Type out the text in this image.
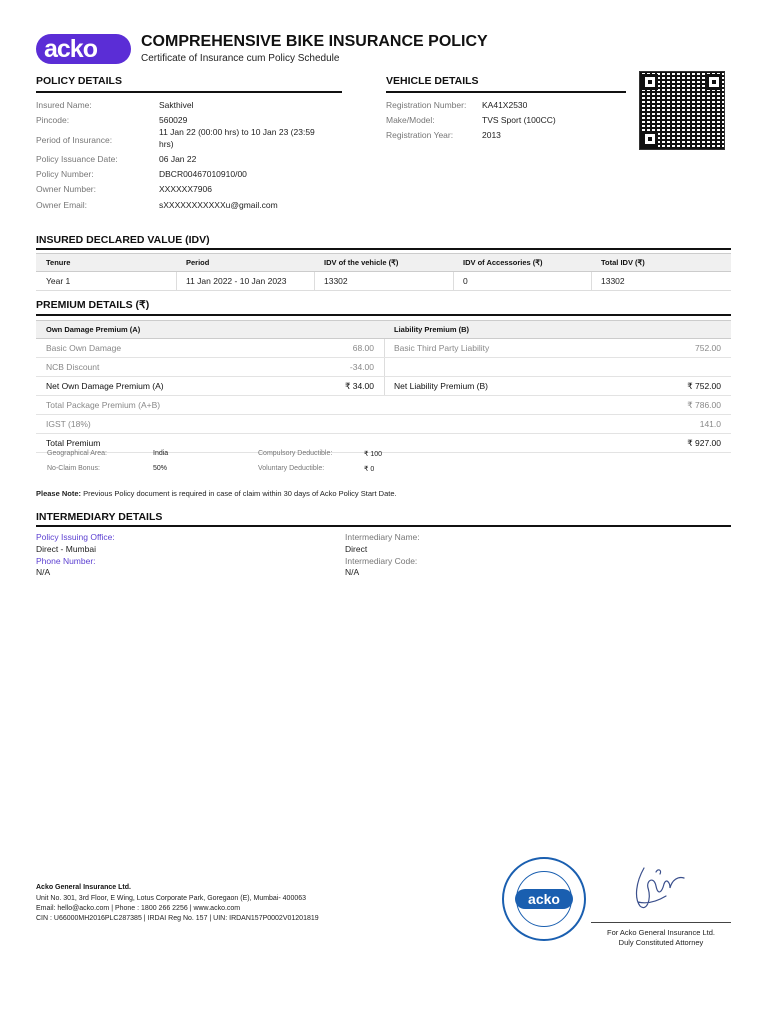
acko	COMPREHENSIVE BIKE INSURANCE POLICY
Certificate of Insurance cum Policy Schedule
POLICY DETAILS
Insured Name:	Sakthivel
Pincode:	560029
Period of Insurance:
11 Jan 22 (00:00 hrs) to 10 Jan 23 (23:59
hrs)
Policy Issuance Date:	06 Jan 22
Policy Number:	DBCR00467010910/00
Owner Number:	XXXXXX7906
Owner Email:	sXXXXXXXXXXXu@gmail.com
VEHICLE DETAILS
Registration Number: KA41X2530
Make/Model:	TVS Sport (100CC)
Registration Year:	2013
INSURED DECLARED VALUE (IDV)
Tenure	Period	IDV of the vehicle (₹)	IDV of Accessories (₹)	Total IDV (₹)
Year 1	11 Jan 2022 - 10 Jan 2023	13302	0	13302
PREMIUM DETAILS (₹)
Own Damage Premium (A)	Liability Premium (B)
Basic Own Damage	68.00 Basic Third Party Liability	752.00
NCB Discount	-34.00
Net Own Damage Premium (A)	₹ 34.00 Net Liability Premium (B)	₹ 752.00
Total Package Premium (A+B)	₹ 786.00
IGST (18%)	141.0
Total Premium	₹ 927.00
Geographical Area:	India	Compulsory Deductible:	₹ 100
No-Claim Bonus:	50%	Voluntary Deductible:	₹ 0
Please Note: Previous Policy document is required in case of claim within 30 days of Acko Policy Start Date.
INTERMEDIARY DETAILS
Policy Issuing Office:
Direct - Mumbai
Phone Number:
N/A
Intermediary Name:
Direct
Intermediary Code:
N/A
Acko General Insurance Ltd.
Unit No. 301, 3rd Floor, E Wing, Lotus Corporate Park, Goregaon (E), Mumbai- 400063
Email: hello@acko.com | Phone : 1800 266 2256 | www.acko.com
CIN : U66000MH2016PLC287385 | IRDAI Reg No. 157 | UIN: IRDAN157P0002V01201819
acko
For Acko General Insurance Ltd.
Duly Constituted Attorney
